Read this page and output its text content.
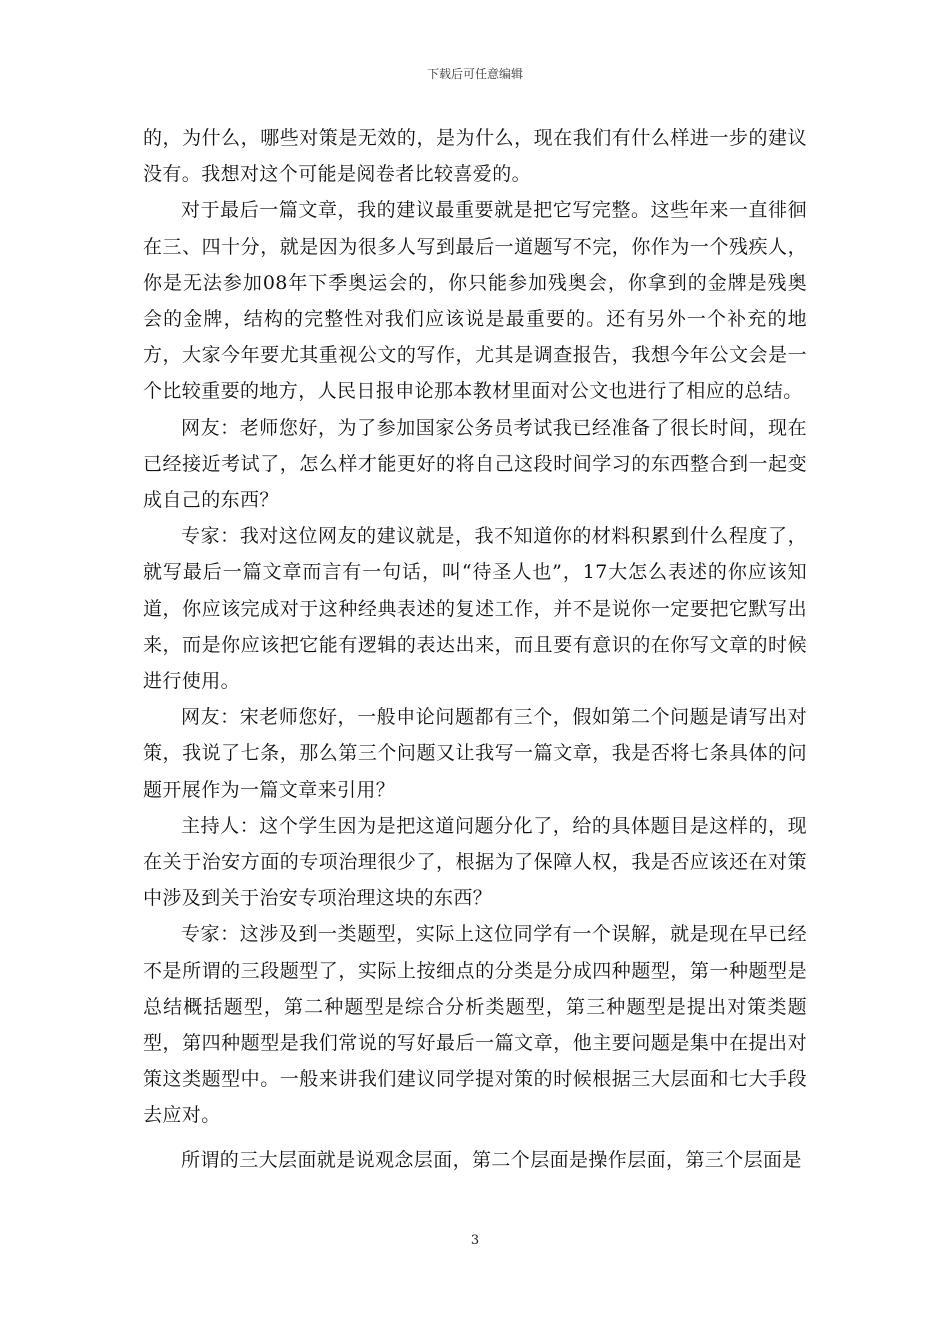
下载后可任意编辑

的，为什么，哪些对策是无效的，是为什么，现在我们有什么样进一步的建议没有。我想对这个可能是阅卷者比较喜爱的。

对于最后一篇文章，我的建议最重要就是把它写完整。这些年来一直徘徊在三、四十分，就是因为很多人写到最后一道题写不完，你作为一个残疾人，你是无法参加08年下季奥运会的，你只能参加残奥会，你拿到的金牌是残奥会的金牌，结构的完整性对我们应该说是最重要的。还有另外一个补充的地方，大家今年要尤其重视公文的写作，尤其是调查报告，我想今年公文会是一个比较重要的地方，人民日报申论那本教材里面对公文也进行了相应的总结。

网友：老师您好，为了参加国家公务员考试我已经准备了很长时间，现在已经接近考试了，怎么样才能更好的将自己这段时间学习的东西整合到一起变成自己的东西？

专家：我对这位网友的建议就是，我不知道你的材料积累到什么程度了，就写最后一篇文章而言有一句话，叫“待圣人也”，17大怎么表述的你应该知道，你应该完成对于这种经典表述的复述工作，并不是说你一定要把它默写出来，而是你应该把它能有逻辑的表达出来，而且要有意识的在你写文章的时候进行使用。

网友：宋老师您好，一般申论问题都有三个，假如第二个问题是请写出对策，我说了七条，那么第三个问题又让我写一篇文章，我是否将七条具体的问题开展作为一篇文章来引用？

主持人：这个学生因为是把这道问题分化了，给的具体题目是这样的，现在关于治安方面的专项治理很少了，根据为了保障人权，我是否应该还在对策中涉及到关于治安专项治理这块的东西？

专家：这涉及到一类题型，实际上这位同学有一个误解，就是现在早已经不是所谓的三段题型了，实际上按细点的分类是分成四种题型，第一种题型是总结概括题型，第二种题型是综合分析类题型，第三种题型是提出对策类题型，第四种题型是我们常说的写好最后一篇文章，他主要问题是集中在提出对策这类题型中。一般来讲我们建议同学提对策的时候根据三大层面和七大手段去应对。

所谓的三大层面就是说观念层面，第二个层面是操作层面，第三个层面是

3
